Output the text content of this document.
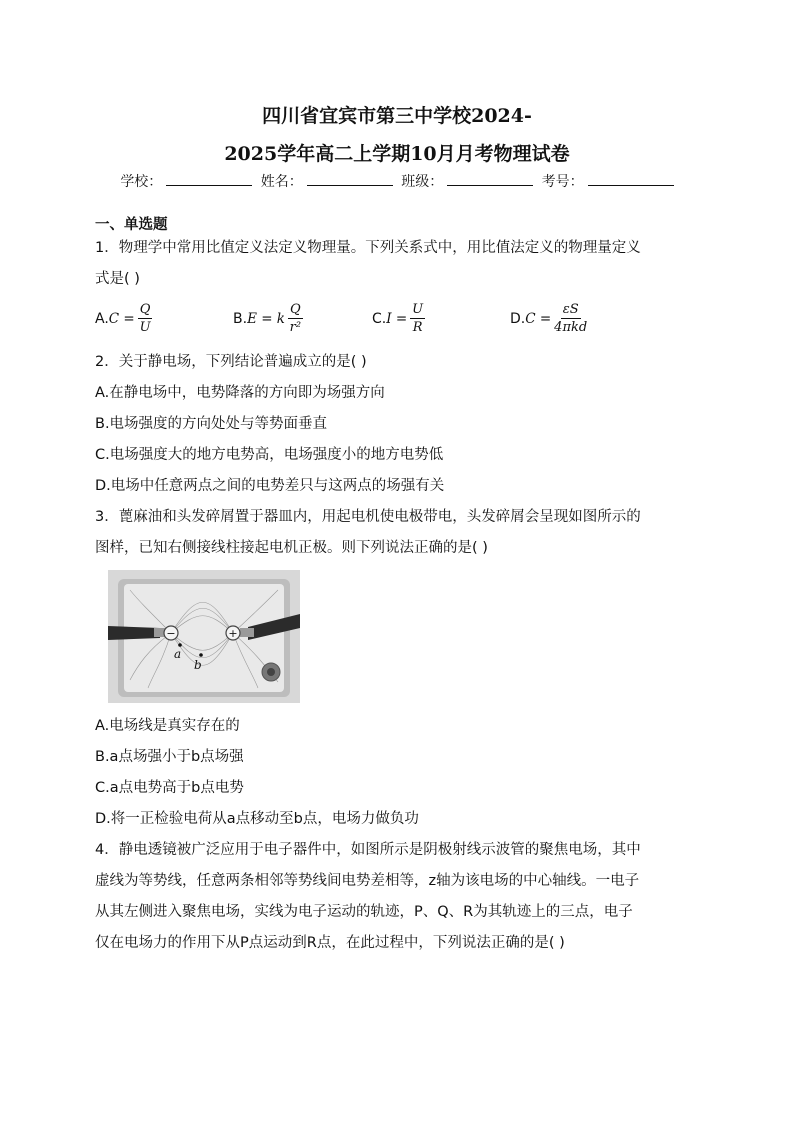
四川省宜宾市第三中学校2024-
2025学年高二上学期10月月考物理试卷
学校：	姓名：	班级：	考号：
一、单选题
1．物理学中常用比值定义法定义物理量。下列关系式中，用比值法定义的物理量定义
式是( )
A. $C = \frac{Q}{U}$	B. E = k $\frac{Q}{\text{r²}}$	C. $I = \frac{U}{R}$	D. $C = \frac{\varepsilon S}{\text{4πkd}}$
2．关于静电场，下列结论普遍成立的是( )
A.在静电场中，电势降落的方向即为场强方向
B.电场强度的方向处处与等势面垂直
C.电场强度大的地方电势高，电场强度小的地方电势低
D.电场中任意两点之间的电势差只与这两点的场强有关
3．蓖麻油和头发碎屑置于器皿内，用起电机使电极带电，头发碎屑会呈现如图所示的
图样，已知右侧接线柱接起电机正极。则下列说法正确的是( )
−	+
a
b
A.电场线是真实存在的
B.a点场强小于b点场强
C.a点电势高于b点电势
D.将一正检验电荷从a点移动至b点，电场力做负功
4．静电透镜被广泛应用于电子器件中，如图所示是阴极射线示波管的聚焦电场，其中
虚线为等势线，任意两条相邻等势线间电势差相等，z轴为该电场的中心轴线。一电子
从其左侧进入聚焦电场，实线为电子运动的轨迹，P、Q、R为其轨迹上的三点，电子
仅在电场力的作用下从P点运动到R点，在此过程中，下列说法正确的是( )
